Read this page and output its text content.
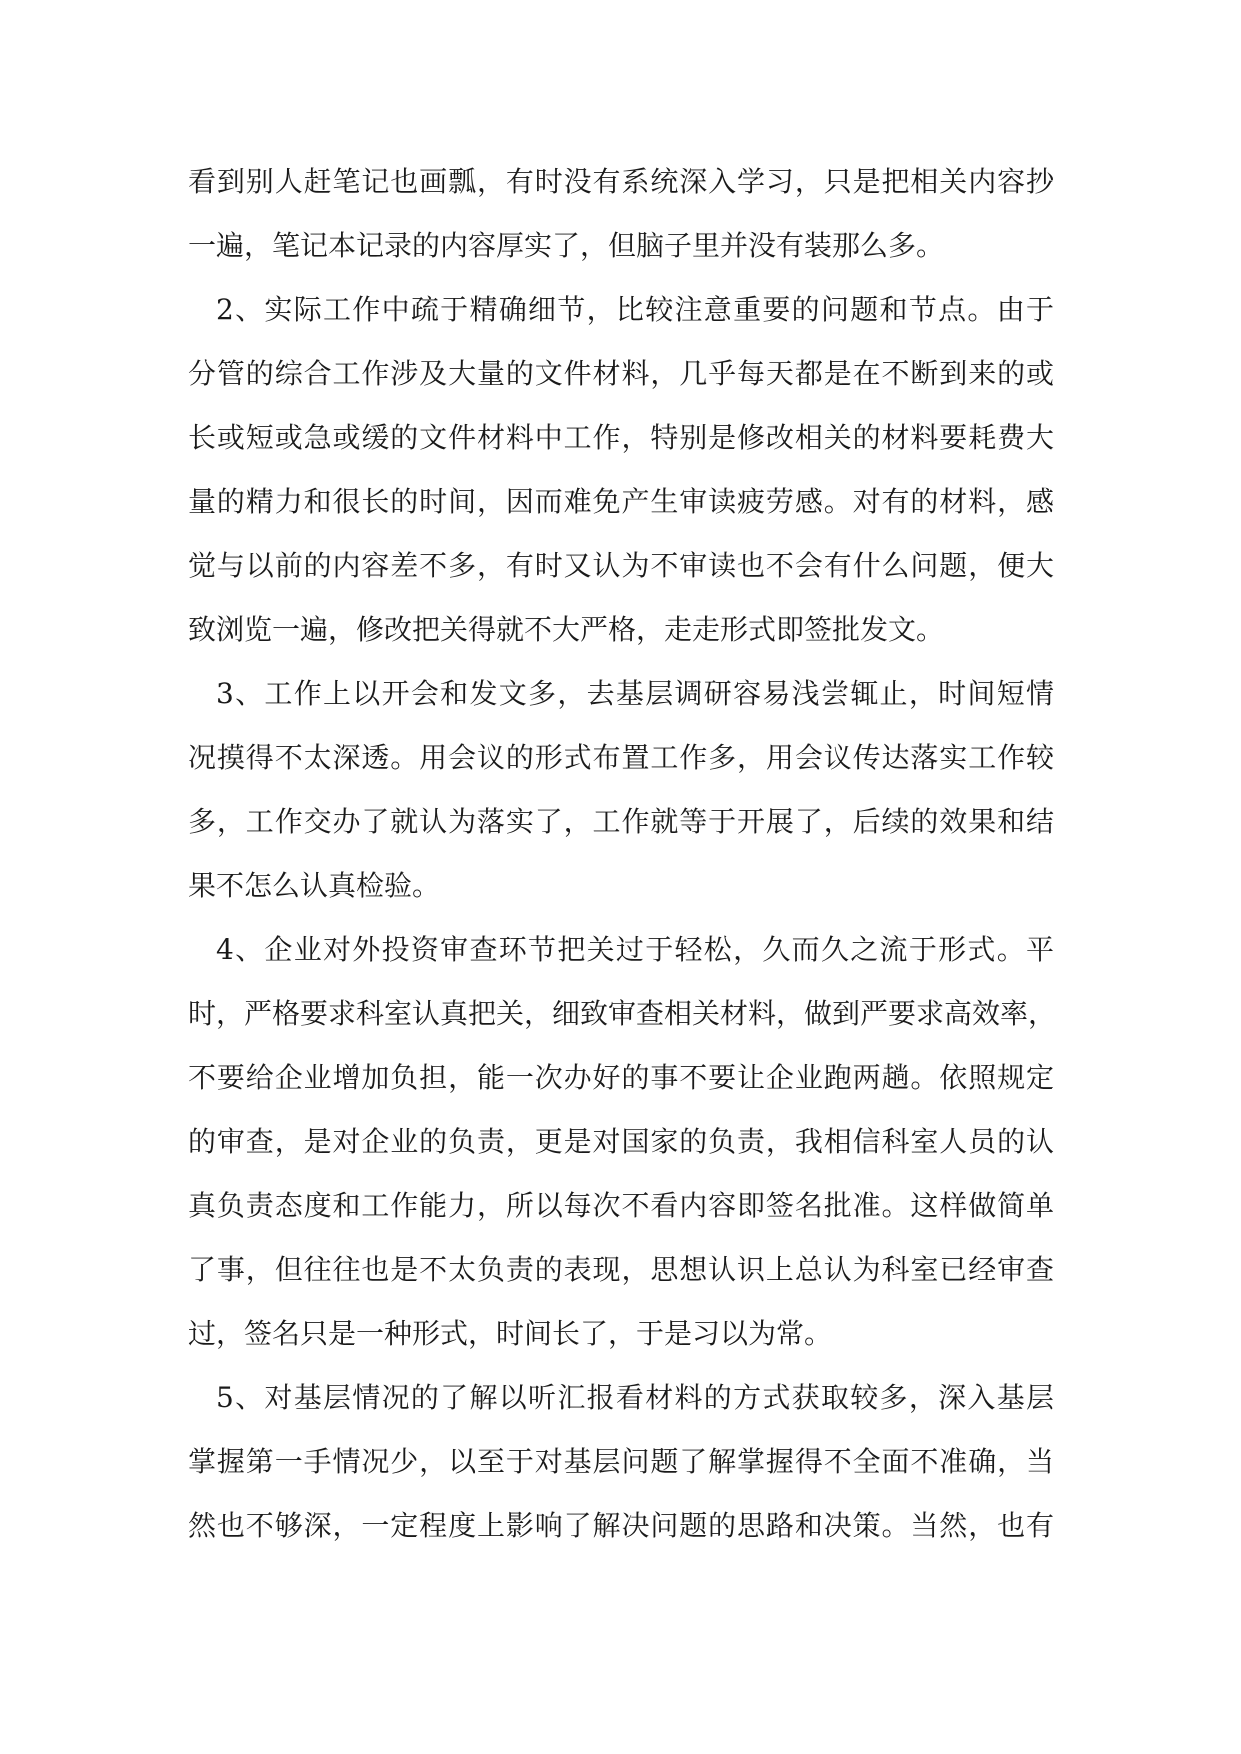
看到别人赶笔记也画瓢，有时没有系统深入学习，只是把相关内容抄
一遍，笔记本记录的内容厚实了，但脑子里并没有装那么多。
2、实际工作中疏于精确细节，比较注意重要的问题和节点。由于
分管的综合工作涉及大量的文件材料，几乎每天都是在不断到来的或
长或短或急或缓的文件材料中工作，特别是修改相关的材料要耗费大
量的精力和很长的时间，因而难免产生审读疲劳感。对有的材料，感
觉与以前的内容差不多，有时又认为不审读也不会有什么问题，便大
致浏览一遍，修改把关得就不大严格，走走形式即签批发文。
3、工作上以开会和发文多，去基层调研容易浅尝辄止，时间短情
况摸得不太深透。用会议的形式布置工作多，用会议传达落实工作较
多，工作交办了就认为落实了，工作就等于开展了，后续的效果和结
果不怎么认真检验。
4、企业对外投资审查环节把关过于轻松，久而久之流于形式。平
时，严格要求科室认真把关，细致审查相关材料，做到严要求高效率，
不要给企业增加负担，能一次办好的事不要让企业跑两趟。依照规定
的审查，是对企业的负责，更是对国家的负责，我相信科室人员的认
真负责态度和工作能力，所以每次不看内容即签名批准。这样做简单
了事，但往往也是不太负责的表现，思想认识上总认为科室已经审查
过，签名只是一种形式，时间长了，于是习以为常。
5、对基层情况的了解以听汇报看材料的方式获取较多，深入基层
掌握第一手情况少，以至于对基层问题了解掌握得不全面不准确，当
然也不够深，一定程度上影响了解决问题的思路和决策。当然，也有
